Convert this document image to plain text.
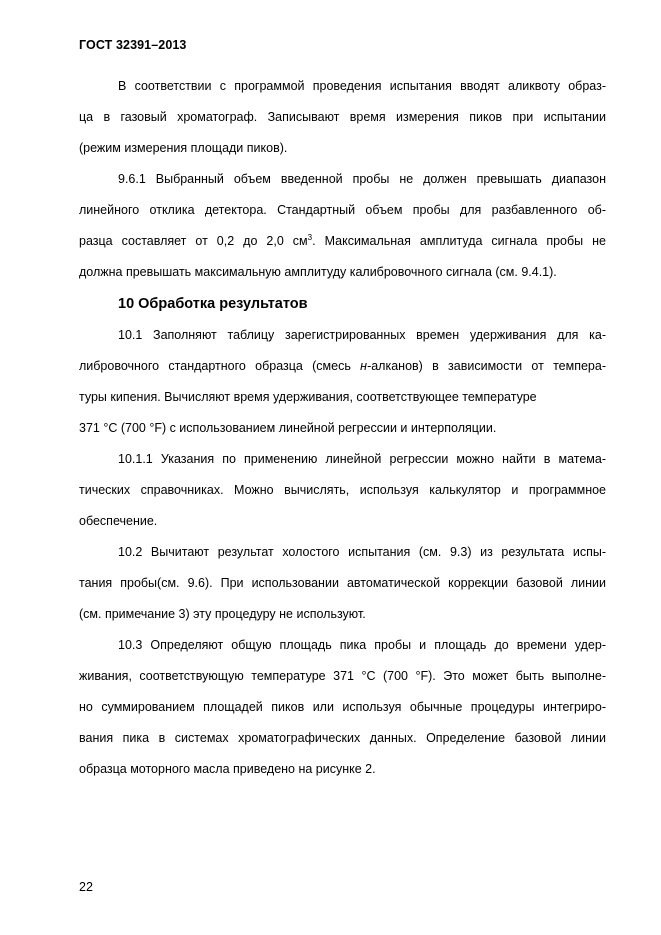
ГОСТ 32391–2013

В соответствии с программой проведения испытания вводят аликвоту образ-
ца в газовый хроматограф. Записывают время измерения пиков при испытании
(режим измерения площади пиков).

9.6.1 Выбранный объем введенной пробы не должен превышать диапазон
линейного отклика детектора. Стандартный объем пробы для разбавленного об-
разца составляет от 0,2 до 2,0 $см^3$. Максимальная амплитуда сигнала пробы не
должна превышать максимальную амплитуду калибровочного сигнала (см. 9.4.1).

10 Обработка результатов

10.1 Заполняют таблицу зарегистрированных времен удерживания для ка-
либровочного стандартного образца (смесь н-алканов) в зависимости от темпера-
туры кипения. Вычисляют время удерживания, соответствующее температуре
371 °С (700 °F) с использованием линейной регрессии и интерполяции.

10.1.1 Указания по применению линейной регрессии можно найти в матема-
тических справочниках. Можно вычислять, используя калькулятор и программное
обеспечение.

10.2 Вычитают результат холостого испытания (см. 9.3) из результата испы-
тания пробы(см. 9.6). При использовании автоматической коррекции базовой линии
(см. примечание 3) эту процедуру не используют.

10.3 Определяют общую площадь пика пробы и площадь до времени удер-
живания, соответствующую температуре 371 °С (700 °F). Это может быть выполне-
но суммированием площадей пиков или используя обычные процедуры интегриро-
вания пика в системах хроматографических данных. Определение базовой линии
образца моторного масла приведено на рисунке 2.

22
